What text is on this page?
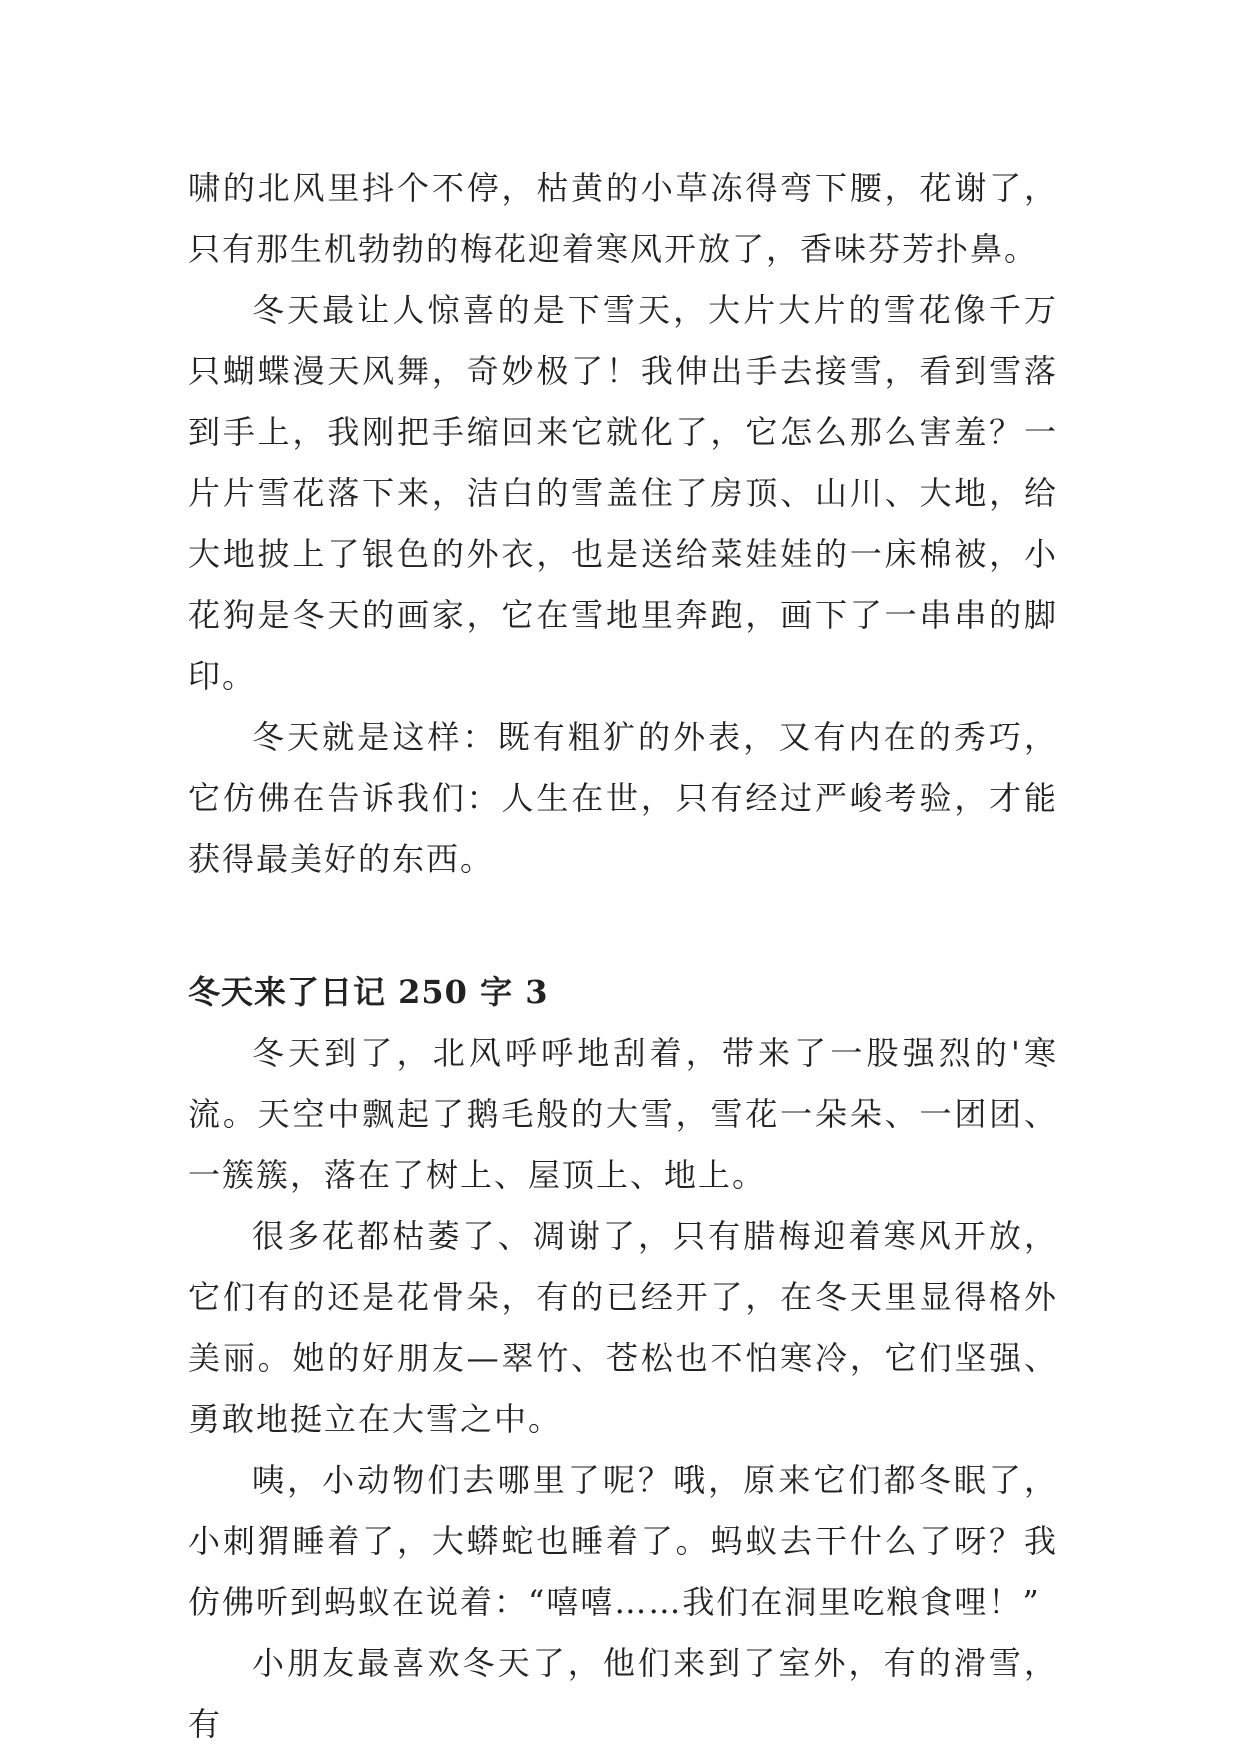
啸的北风里抖个不停，枯黄的小草冻得弯下腰，花谢了，只有那生机勃勃的梅花迎着寒风开放了，香味芬芳扑鼻。

冬天最让人惊喜的是下雪天，大片大片的雪花像千万只蝴蝶漫天风舞，奇妙极了！我伸出手去接雪，看到雪落到手上，我刚把手缩回来它就化了，它怎么那么害羞？一片片雪花落下来，洁白的雪盖住了房顶、山川、大地，给大地披上了银色的外衣，也是送给菜娃娃的一床棉被，小花狗是冬天的画家，它在雪地里奔跑，画下了一串串的脚印。

冬天就是这样：既有粗犷的外表，又有内在的秀巧，它仿佛在告诉我们：人生在世，只有经过严峻考验，才能获得最美好的东西。

冬天来了日记 250 字 3

冬天到了，北风呼呼地刮着，带来了一股强烈的'寒流。天空中飘起了鹅毛般的大雪，雪花一朵朵、一团团、一簇簇，落在了树上、屋顶上、地上。

很多花都枯萎了、凋谢了，只有腊梅迎着寒风开放，它们有的还是花骨朵，有的已经开了，在冬天里显得格外美丽。她的好朋友—翠竹、苍松也不怕寒冷，它们坚强、勇敢地挺立在大雪之中。

咦，小动物们去哪里了呢？哦，原来它们都冬眠了，小刺猬睡着了，大蟒蛇也睡着了。蚂蚁去干什么了呀？我仿佛听到蚂蚁在说着：“嘻嘻……我们在洞里吃粮食哩！”

小朋友最喜欢冬天了，他们来到了室外，有的滑雪，有
